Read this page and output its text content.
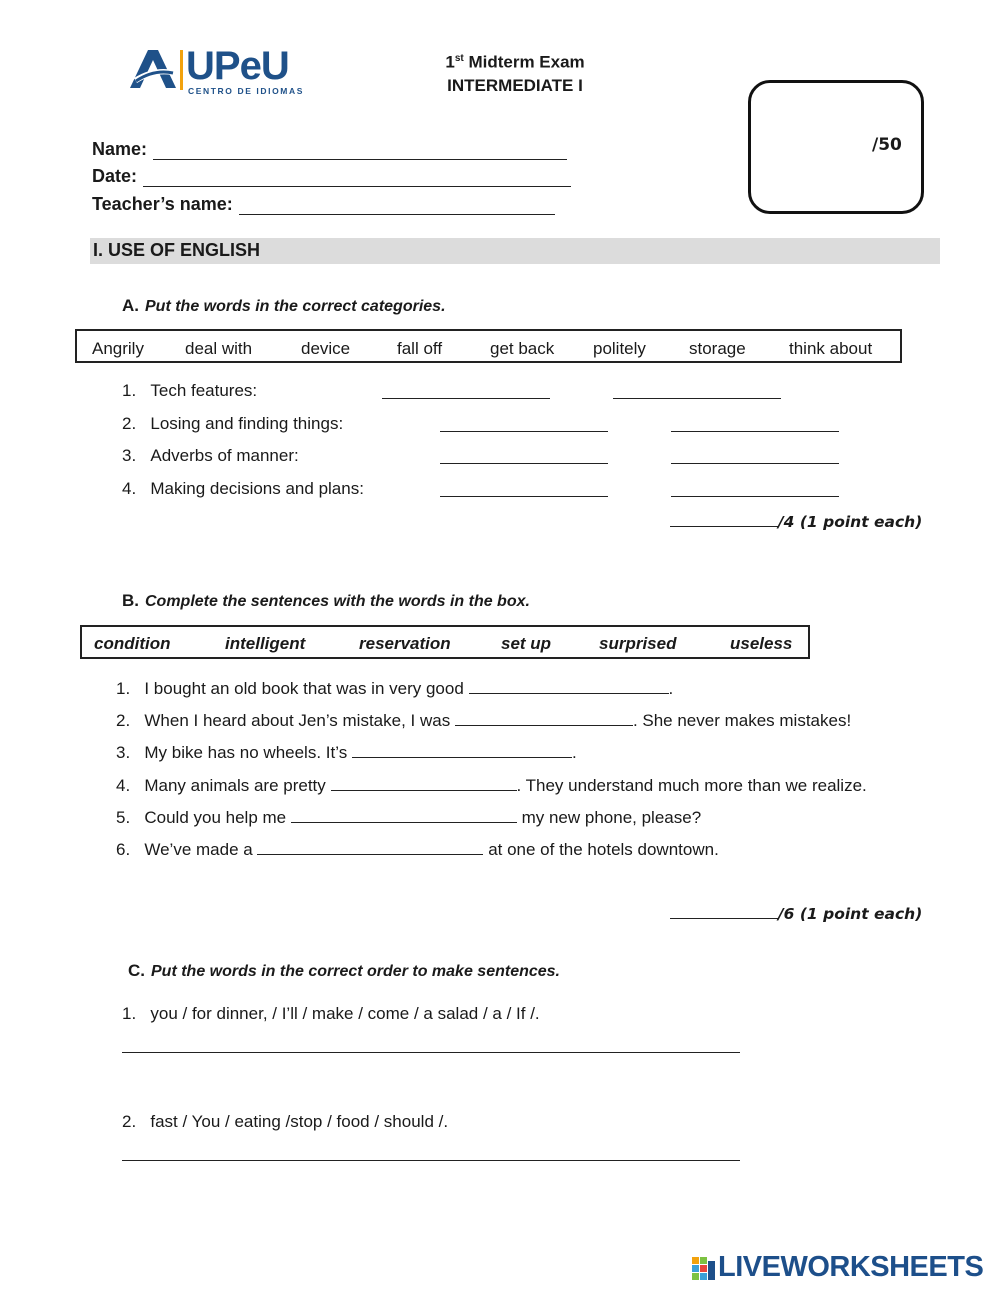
UPeU
CENTRO DE IDIOMAS
1st Midterm Exam
INTERMEDIATE I
/50
Name:
Date:
Teacher’s name:
I. USE OF ENGLISH
A. Put the words in the correct categories.
Angrily deal with	device	fall off	get back politely	storage	think about
1. Tech features:
2. Losing and finding things:
3. Adverbs of manner:
4. Making decisions and plans:
/4 (1 point each)
B. Complete the sentences with the words in the box.
condition	intelligent	reservation	set up	surprised	useless
1. I bought an old book that was in very good	.
2. When I heard about Jen’s mistake, I was	. She never makes mistakes!
3. My bike has no wheels. It’s	.
4. Many animals are pretty	. They understand much more than we realize.
5. Could you help me	my new phone, please?
6. We’ve made a	at one of the hotels downtown.
/6 (1 point each)
C. Put the words in the correct order to make sentences.
1. you / for dinner, / I’ll / make / come / a salad / a / If /.
2. fast / You / eating /stop / food / should /.
LIVEWORKSHEETS
